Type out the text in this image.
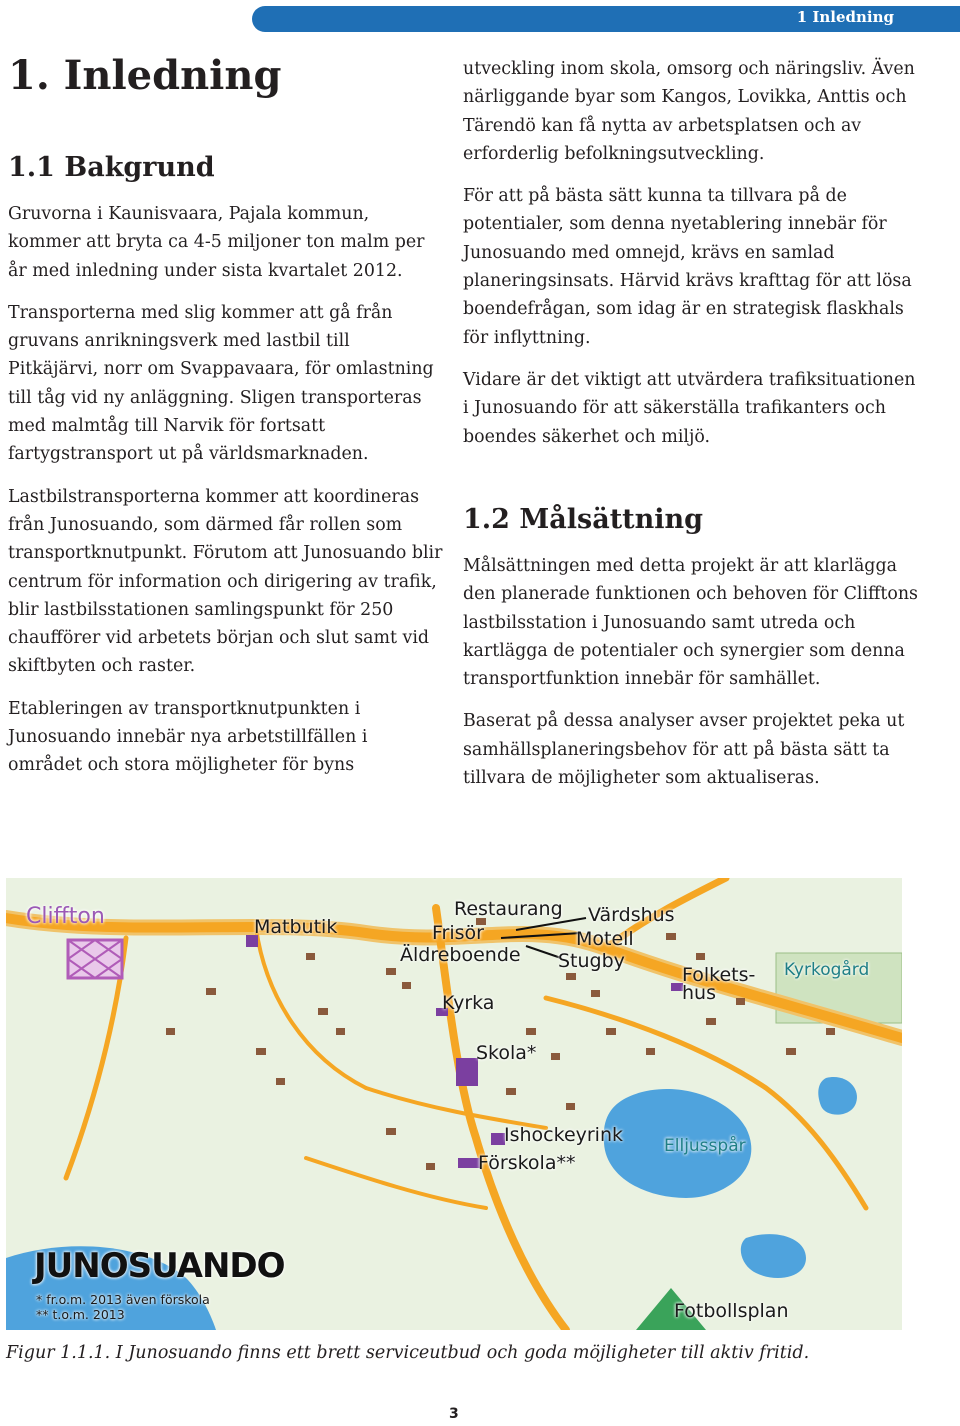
1 Inledning
1. Inledning
1.1 Bakgrund

Gruvorna i Kaunisvaara, Pajala kommun, kommer att bryta ca 4-5 miljoner ton malm per år med inledning under sista kvartalet 2012.

Transporterna med slig kommer att gå från gruvans anrikningsverk med lastbil till Pitkäjärvi, norr om Svappavaara, för omlastning till tåg vid ny anläggning. Sligen transporteras med malmtåg till Narvik för fortsatt fartygstransport ut på världsmarknaden.

Lastbilstransporterna kommer att koordineras från Junosuando, som därmed får rollen som transportknutpunkt. Förutom att Junosuando blir centrum för information och dirigering av trafik, blir lastbilsstationen samlingspunkt för 250 chaufförer vid arbetets början och slut samt vid skiftbyten och raster.

Etableringen av transportknutpunkten i Junosuando innebär nya arbetstillfällen i området och stora möjligheter för byns

utveckling inom skola, omsorg och näringsliv. Även närliggande byar som Kangos, Lovikka, Anttis och Tärendö kan få nytta av arbetsplatsen och av erforderlig befolkningsutveckling.

För att på bästa sätt kunna ta tillvara på de potentialer, som denna nyetablering innebär för Junosuando med omnejd, krävs en samlad planeringsinsats. Härvid krävs krafttag för att lösa boendefrågan, som idag är en strategisk flaskhals för inflyttning.

Vidare är det viktigt att utvärdera trafiksituationen i Junosuando för att säkerställa trafikanters och boendes säkerhet och miljö.

1.2 Målsättning

Målsättningen med detta projekt är att klarlägga den planerade funktionen och behoven för Clifftons lastbilsstation i Junosuando samt utreda och kartlägga de potentialer och synergier som denna transportfunktion innebär för samhället.

Baserat på dessa analyser avser projektet peka ut samhällsplaneringsbehov för att på bästa sätt ta tillvara de möjligheter som aktualiseras.

Cliffton	Matbutik
Restaurang
Frisör
Äldreboende
Värdshus
Motell
Stugby
Folkets-
hus
Kyrkogård
Kyrka
Skola*
Ishockeyrink Elljusspår
Förskola**
JUNOSUANDO
* fr.o.m. 2013 även förskola
** t.o.m. 2013	Fotbollsplan
Figur 1.1.1. I Junosuando finns ett brett serviceutbud och goda möjligheter till aktiv fritid.
3
